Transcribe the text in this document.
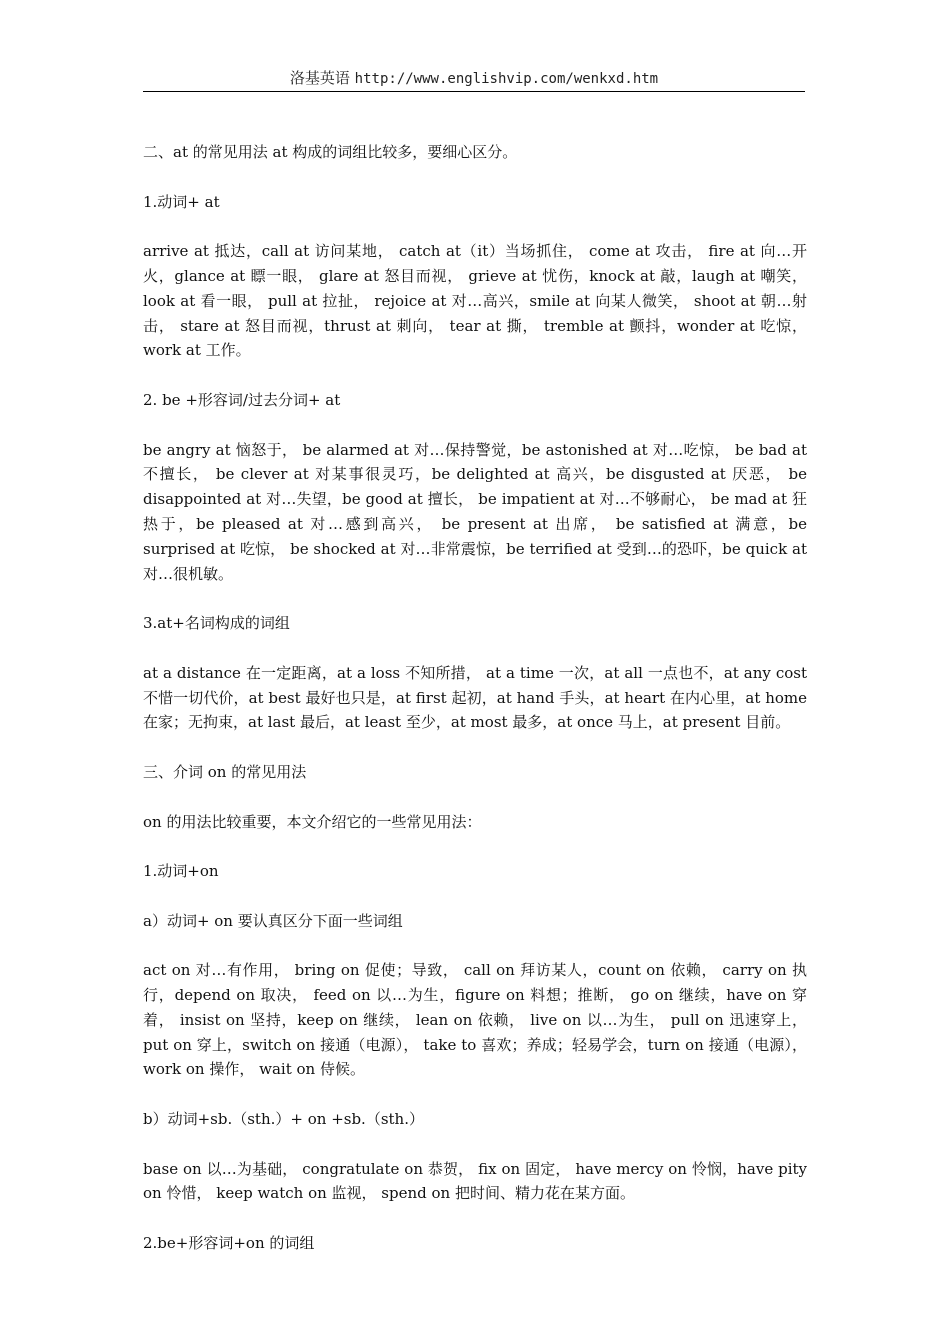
洛基英语 http://www.englishvip.com/wenkxd.htm

二、at 的常见用法 at 构成的词组比较多，要细心区分。

1.动词+ at

arrive at 抵达，call at 访问某地， catch at（it）当场抓住， come at 攻击， fire at 向…开火，glance at 瞟一眼， glare at 怒目而视， grieve at 忧伤，knock at 敲，laugh at 嘲笑， look at 看一眼， pull at 拉扯， rejoice at 对…高兴，smile at 向某人微笑， shoot at 朝…射击， stare at 怒目而视，thrust at 刺向， tear at 撕， tremble at 颤抖，wonder at 吃惊，work at 工作。

2. be +形容词/过去分词+ at

be angry at 恼怒于， be alarmed at 对…保持警觉，be astonished at 对…吃惊， be bad at 不擅长， be clever at 对某事很灵巧，be delighted at 高兴，be disgusted at 厌恶， be disappointed at 对…失望，be good at 擅长， be impatient at 对…不够耐心， be mad at 狂热于，be pleased at 对…感到高兴， be present at 出席， be satisfied at 满意，be surprised at 吃惊， be shocked at 对…非常震惊，be terrified at 受到…的恐吓，be quick at 对…很机敏。

3.at+名词构成的词组

at a distance 在一定距离，at a loss 不知所措， at a time 一次，at all 一点也不，at any cost 不惜一切代价，at best 最好也只是，at first 起初，at hand 手头，at heart 在内心里，at home 在家；无拘束，at last 最后，at least 至少，at most 最多，at once 马上，at present 目前。

三、介词 on 的常见用法

on 的用法比较重要，本文介绍它的一些常见用法：

1.动词+on

a）动词+ on 要认真区分下面一些词组

act on 对…有作用， bring on 促使；导致， call on 拜访某人，count on 依赖， carry on 执行，depend on 取决， feed on 以…为生，figure on 料想；推断， go on 继续，have on 穿着， insist on 坚持，keep on 继续， lean on 依赖， live on 以…为生， pull on 迅速穿上，put on 穿上，switch on 接通（电源）， take to 喜欢；养成；轻易学会，turn on 接通（电源）， work on 操作， wait on 侍候。

b）动词+sb.（sth.）+ on +sb.（sth.）

base on 以…为基础， congratulate on 恭贺， fix on 固定， have mercy on 怜悯，have pity on 怜惜， keep watch on 监视， spend on 把时间、精力花在某方面。

2.be+形容词+on 的词组
